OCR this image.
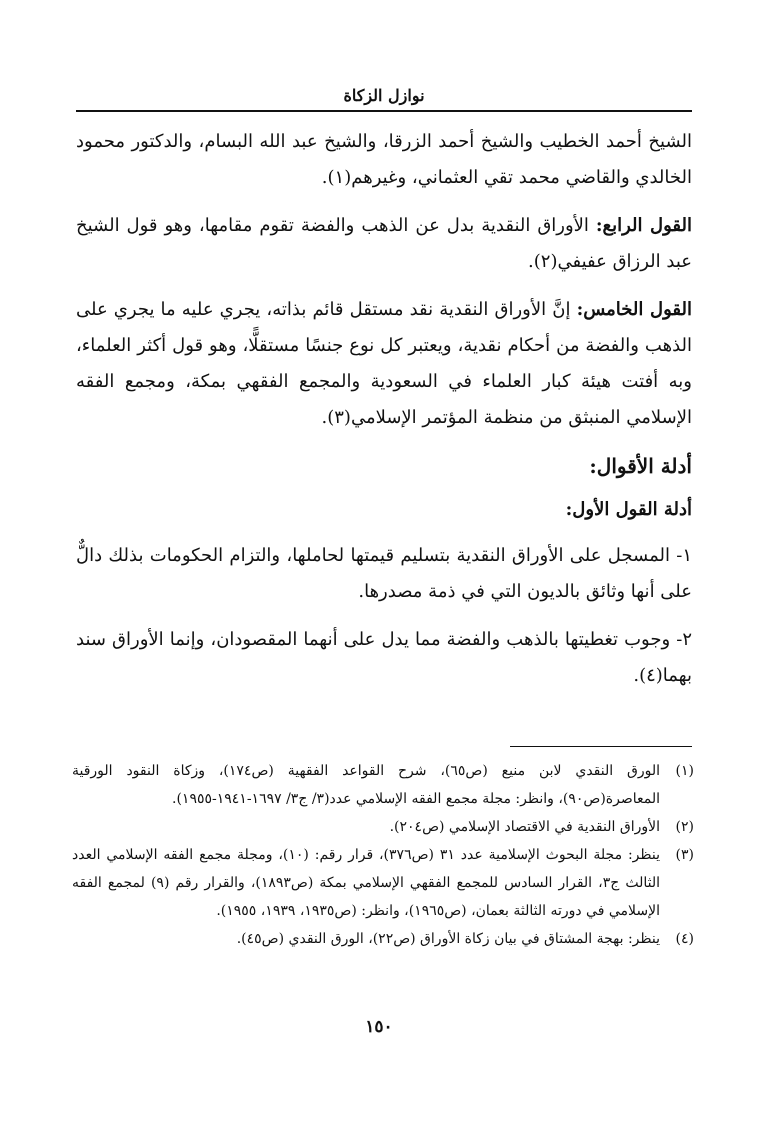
نوازل الزكاة

الشيخ أحمد الخطيب والشيخ أحمد الزرقا، والشيخ عبد الله البسام، والدكتور محمود الخالدي والقاضي محمد تقي العثماني، وغيرهم(١).

القول الرابع: الأوراق النقدية بدل عن الذهب والفضة تقوم مقامها، وهو قول الشيخ عبد الرزاق عفيفي(٢).

القول الخامس: إنَّ الأوراق النقدية نقد مستقل قائم بذاته، يجري عليه ما يجري على الذهب والفضة من أحكام نقدية، ويعتبر كل نوع جنسًا مستقلًّا، وهو قول أكثر العلماء، وبه أفتت هيئة كبار العلماء في السعودية والمجمع الفقهي بمكة، ومجمع الفقه الإسلامي المنبثق من منظمة المؤتمر الإسلامي(٣).

أدلة الأقوال:
أدلة القول الأول:

١- المسجل على الأوراق النقدية بتسليم قيمتها لحاملها، والتزام الحكومات بذلك دالٌّ على أنها وثائق بالديون التي في ذمة مصدرها.

٢- وجوب تغطيتها بالذهب والفضة مما يدل على أنهما المقصودان، وإنما الأوراق سند بهما(٤).

(١)
الورق النقدي لابن منيع (ص٦٥)، شرح القواعد الفقهية (ص١٧٤)، وزكاة النقود الورقية المعاصرة(ص٩٠)، وانظر: مجلة مجمع الفقه الإسلامي عدد(٣/ ج٣/ ١٦٩٧-١٩٤١-١٩٥٥).
(٢)
الأوراق النقدية في الاقتصاد الإسلامي (ص٢٠٤).
(٣)
ينظر: مجلة البحوث الإسلامية عدد ٣١ (ص٣٧٦)، قرار رقم: (١٠)، ومجلة مجمع الفقه الإسلامي العدد الثالث ج٣، القرار السادس للمجمع الفقهي الإسلامي بمكة (ص١٨٩٣)، والقرار رقم (٩) لمجمع الفقه الإسلامي في دورته الثالثة بعمان، (ص١٩٦٥)، وانظر: (ص١٩٣٥، ١٩٣٩، ١٩٥٥).
(٤)
ينظر: بهجة المشتاق في بيان زكاة الأوراق (ص٢٢)، الورق النقدي (ص٤٥).
١٥٠
